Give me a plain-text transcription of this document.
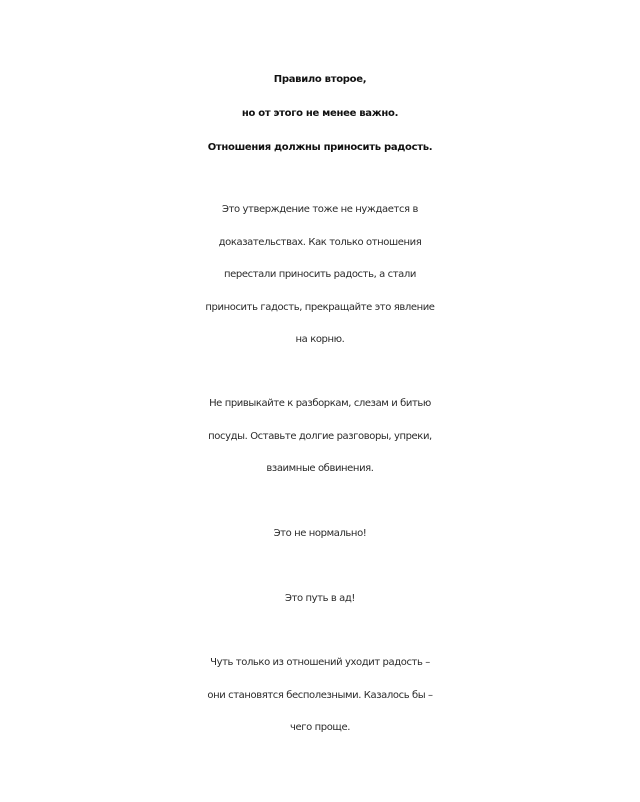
Правило второе,
но от этого не менее важно.
Отношения должны приносить радость.
Это утверждение тоже не нуждается в
доказательствах. Как только отношения
перестали приносить радость, а стали
приносить гадость, прекращайте это явление
на корню.
Не привыкайте к разборкам, слезам и битью
посуды. Оставьте долгие разговоры, упреки,
взаимные обвинения.
Это не нормально!
Это путь в ад!
Чуть только из отношений уходит радость –
они становятся бесполезными. Казалось бы –
чего проще.
